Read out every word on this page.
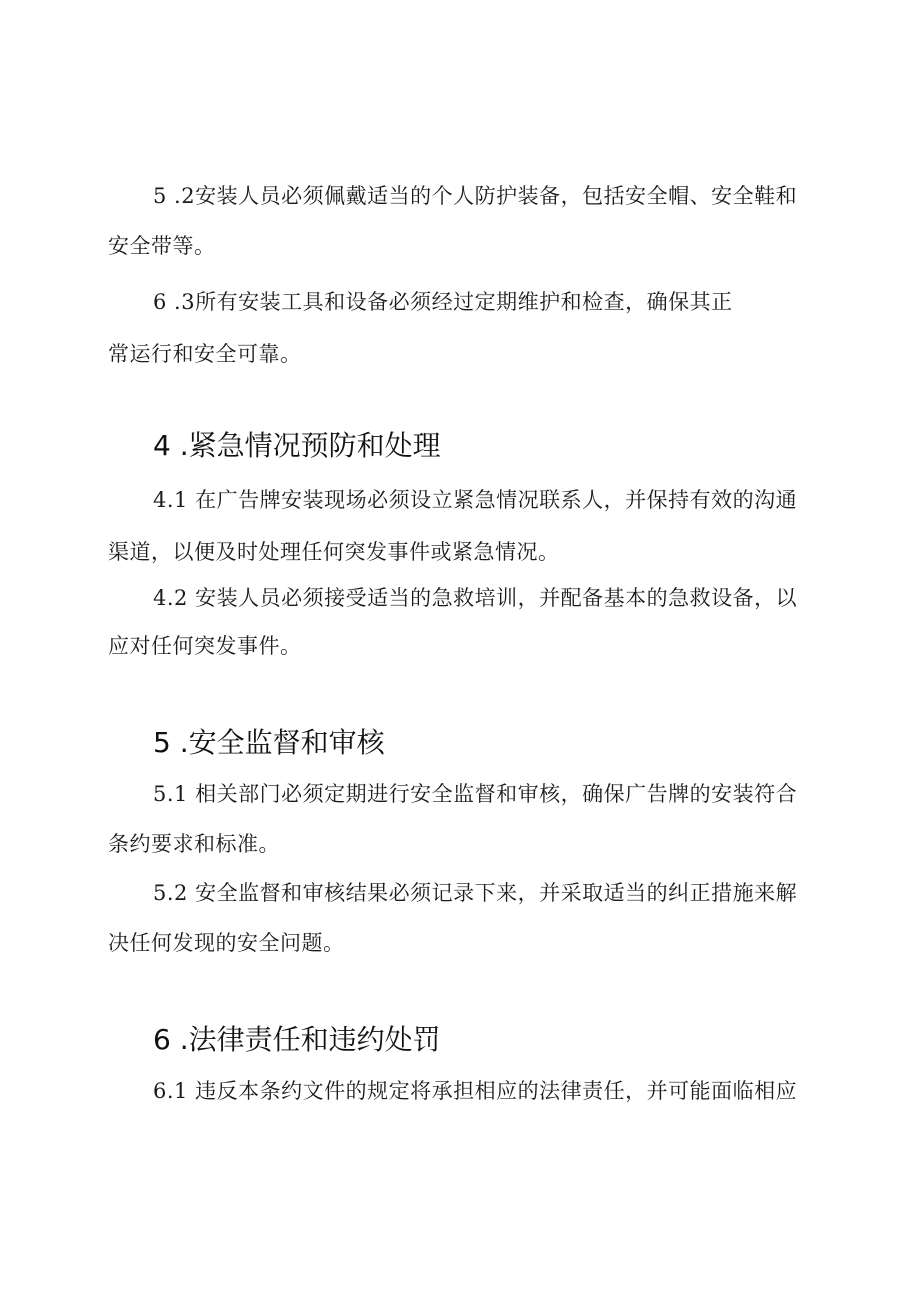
5 .2安装人员必须佩戴适当的个人防护装备，包括安全帽、安全鞋和
安全带等。
6 .3所有安装工具和设备必须经过定期维护和检查，确保其正
常运行和安全可靠。
4 .紧急情况预防和处理
4.1 在广告牌安装现场必须设立紧急情况联系人，并保持有效的沟通
渠道，以便及时处理任何突发事件或紧急情况。
4.2 安装人员必须接受适当的急救培训，并配备基本的急救设备，以
应对任何突发事件。
5 .安全监督和审核
5.1 相关部门必须定期进行安全监督和审核，确保广告牌的安装符合
条约要求和标准。
5.2 安全监督和审核结果必须记录下来，并采取适当的纠正措施来解
决任何发现的安全问题。
6 .法律责任和违约处罚
6.1 违反本条约文件的规定将承担相应的法律责任，并可能面临相应
